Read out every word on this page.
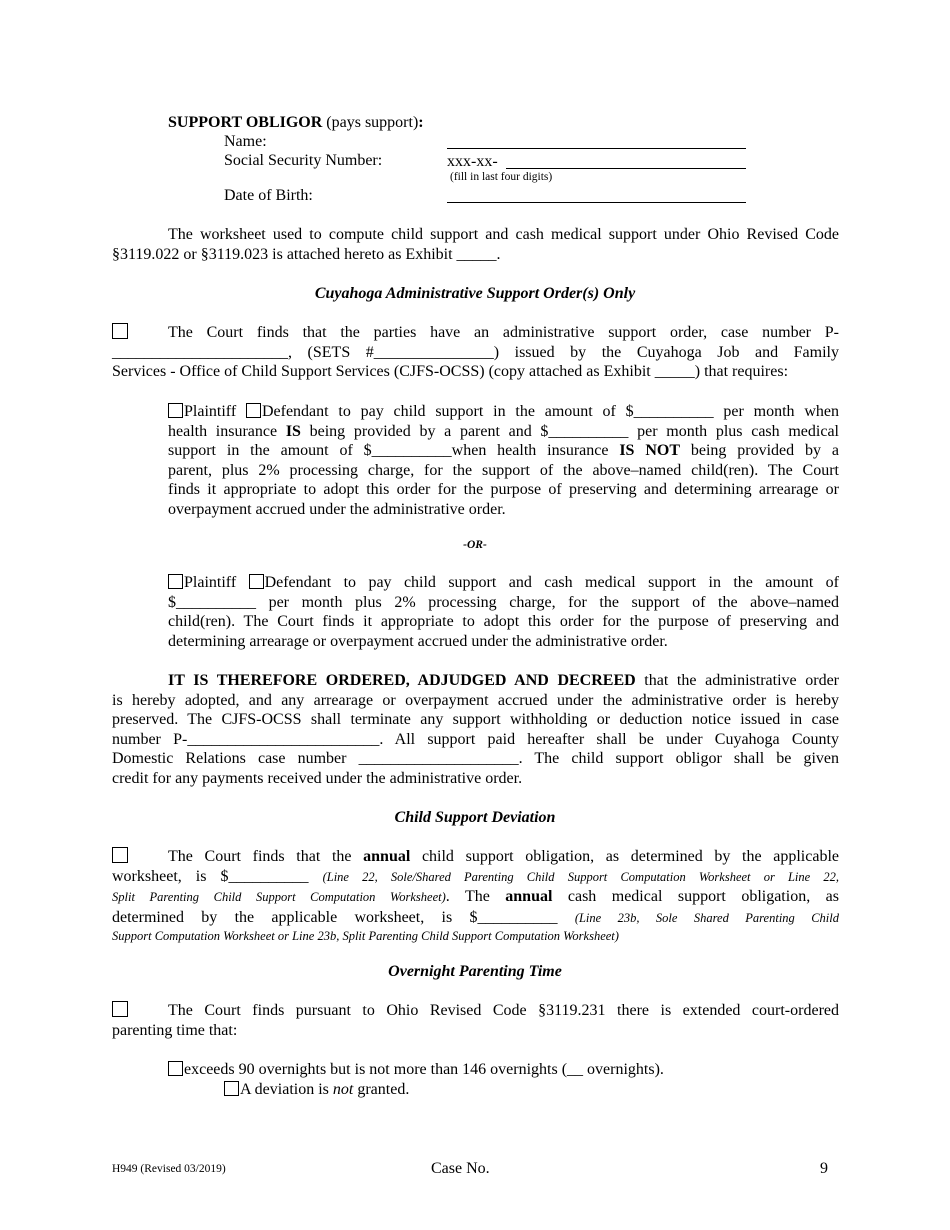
SUPPORT OBLIGOR (pays support):
Name:
Social Security Number:	xxx-xx-
(fill in last four digits)
Date of Birth:
The worksheet used to compute child support and cash medical support under Ohio Revised Code
§3119.022 or §3119.023 is attached hereto as Exhibit _____.
Cuyahoga Administrative Support Order(s) Only
The Court finds that the parties have an administrative support order, case number P-
______________________, (SETS #_______________) issued by the Cuyahoga Job and Family
Services - Office of Child Support Services (CJFS-OCSS) (copy attached as Exhibit _____) that requires:
Plaintiff Defendant to pay child support in the amount of $__________ per month when
health insurance IS being provided by a parent and $__________ per month plus cash medical
support in the amount of $__________when health insurance IS NOT being provided by a
parent, plus 2% processing charge, for the support of the above–named child(ren). The Court
finds it appropriate to adopt this order for the purpose of preserving and determining arrearage or
overpayment accrued under the administrative order.
-OR-
Plaintiff Defendant to pay child support and cash medical support in the amount of
$__________ per month plus 2% processing charge, for the support of the above–named
child(ren). The Court finds it appropriate to adopt this order for the purpose of preserving and
determining arrearage or overpayment accrued under the administrative order.
IT IS THEREFORE ORDERED, ADJUDGED AND DECREED that the administrative order
is hereby adopted, and any arrearage or overpayment accrued under the administrative order is hereby
preserved. The CJFS-OCSS shall terminate any support withholding or deduction notice issued in case
number P-________________________. All support paid hereafter shall be under Cuyahoga County
Domestic Relations case number ____________________. The child support obligor shall be given
credit for any payments received under the administrative order.
Child Support Deviation
The Court finds that the annual child support obligation, as determined by the applicable
worksheet, is $__________ (Line 22, Sole/Shared Parenting Child Support Computation Worksheet or Line 22,
Split Parenting Child Support Computation Worksheet). The annual cash medical support obligation, as
determined by the applicable worksheet, is $__________ (Line 23b, Sole Shared Parenting Child
Support Computation Worksheet or Line 23b, Split Parenting Child Support Computation Worksheet)
Overnight Parenting Time
The Court finds pursuant to Ohio Revised Code §3119.231 there is extended court-ordered
parenting time that:
exceeds 90 overnights but is not more than 146 overnights (__ overnights).
A deviation is not granted.
H949 (Revised 03/2019)	Case No.	9
